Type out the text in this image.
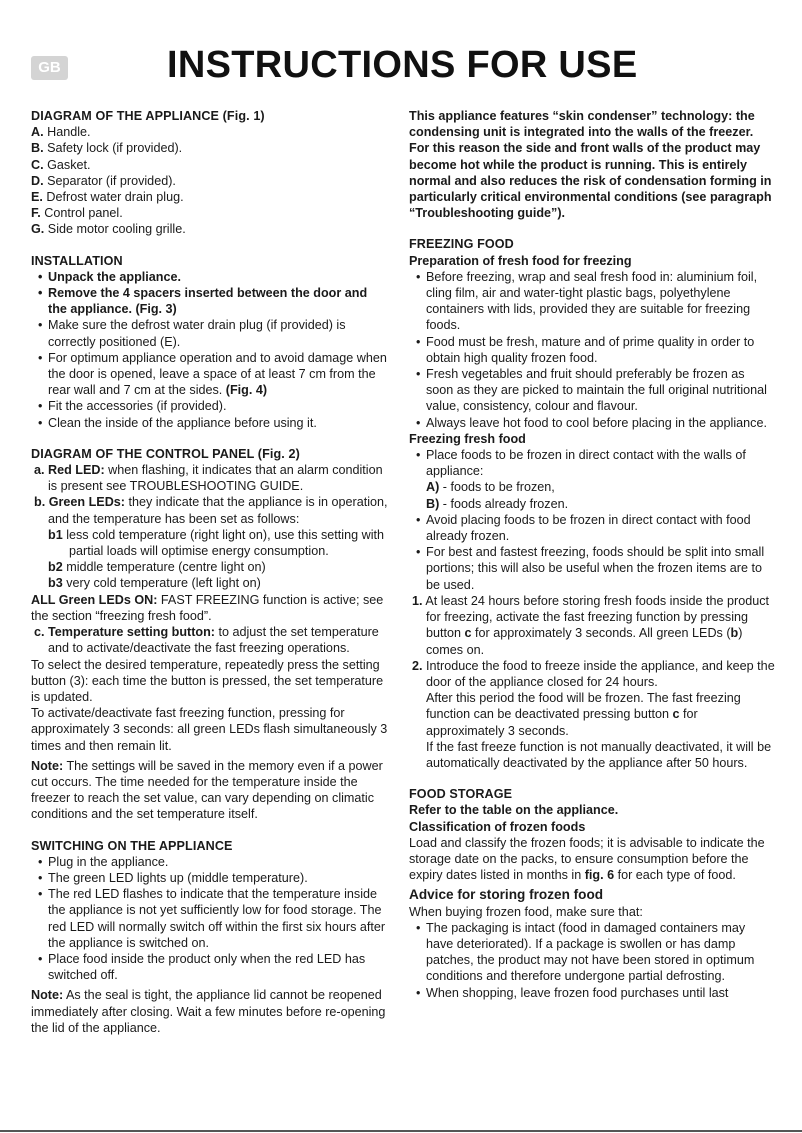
GB	INSTRUCTIONS FOR USE

DIAGRAM OF THE APPLIANCE (Fig. 1)

A. Handle.

B. Safety lock (if provided).

C. Gasket.

D. Separator (if provided).

E. Defrost water drain plug.

F. Control panel.

G. Side motor cooling grille.

INSTALLATION

• Unpack the appliance.

• Remove the 4 spacers inserted between the door and the appliance. (Fig. 3)

• Make sure the defrost water drain plug (if provided) is correctly positioned (E).

• For optimum appliance operation and to avoid damage when the door is opened, leave a space of at least 7 cm from the rear wall and 7 cm at the sides. (Fig. 4)

• Fit the accessories (if provided).

• Clean the inside of the appliance before using it.

DIAGRAM OF THE CONTROL PANEL (Fig. 2)

a. Red LED: when flashing, it indicates that an alarm condition is present see TROUBLESHOOTING GUIDE.

b. Green LEDs: they indicate that the appliance is in operation, and the temperature has been set as follows:

b1 less cold temperature (right light on), use this setting with partial loads will optimise energy consumption.

b2 middle temperature (centre light on)

b3 very cold temperature (left light on)

ALL Green LEDs ON: FAST FREEZING function is active; see the section “freezing fresh food”.

c. Temperature setting button: to adjust the set temperature and to activate/deactivate the fast freezing operations.

To select the desired temperature, repeatedly press the setting button (3): each time the button is pressed, the set temperature is updated.

To activate/deactivate fast freezing function, pressing for approximately 3 seconds: all green LEDs flash simultaneously 3 times and then remain lit.

Note: The settings will be saved in the memory even if a power cut occurs. The time needed for the temperature inside the freezer to reach the set value, can vary depending on climatic conditions and the set temperature itself.

SWITCHING ON THE APPLIANCE

• Plug in the appliance.

• The green LED lights up (middle temperature).

• The red LED flashes to indicate that the temperature inside the appliance is not yet sufficiently low for food storage. The red LED will normally switch off within the first six hours after the appliance is switched on.

• Place food inside the product only when the red LED has switched off.

Note: As the seal is tight, the appliance lid cannot be reopened immediately after closing. Wait a few minutes before re-opening the lid of the appliance.

This appliance features “skin condenser” technology: the condensing unit is integrated into the walls of the freezer. For this reason the side and front walls of the product may become hot while the product is running. This is entirely normal and also reduces the risk of condensation forming in particularly critical environmental conditions (see paragraph “Troubleshooting guide”).

FREEZING FOOD

Preparation of fresh food for freezing

• Before freezing, wrap and seal fresh food in: aluminium foil, cling film, air and water-tight plastic bags, polyethylene containers with lids, provided they are suitable for freezing foods.

• Food must be fresh, mature and of prime quality in order to obtain high quality frozen food.

• Fresh vegetables and fruit should preferably be frozen as soon as they are picked to maintain the full original nutritional value, consistency, colour and flavour.

• Always leave hot food to cool before placing in the appliance.

Freezing fresh food

• Place foods to be frozen in direct contact with the walls of appliance:

A) - foods to be frozen,

B) - foods already frozen.

• Avoid placing foods to be frozen in direct contact with food already frozen.

• For best and fastest freezing, foods should be split into small portions; this will also be useful when the frozen items are to be used.

1. At least 24 hours before storing fresh foods inside the product for freezing, activate the fast freezing function by pressing button c for approximately 3 seconds. All green LEDs (b) comes on.

2. Introduce the food to freeze inside the appliance, and keep the door of the appliance closed for 24 hours.

After this period the food will be frozen. The fast freezing function can be deactivated pressing button c for approximately 3 seconds.

If the fast freeze function is not manually deactivated, it will be automatically deactivated by the appliance after 50 hours.

FOOD STORAGE

Refer to the table on the appliance.

Classification of frozen foods

Load and classify the frozen foods; it is advisable to indicate the storage date on the packs, to ensure consumption before the expiry dates listed in months in fig. 6 for each type of food.

Advice for storing frozen food

When buying frozen food, make sure that:

• The packaging is intact (food in damaged containers may have deteriorated). If a package is swollen or has damp patches, the product may not have been stored in optimum conditions and therefore undergone partial defrosting.

• When shopping, leave frozen food purchases until last
